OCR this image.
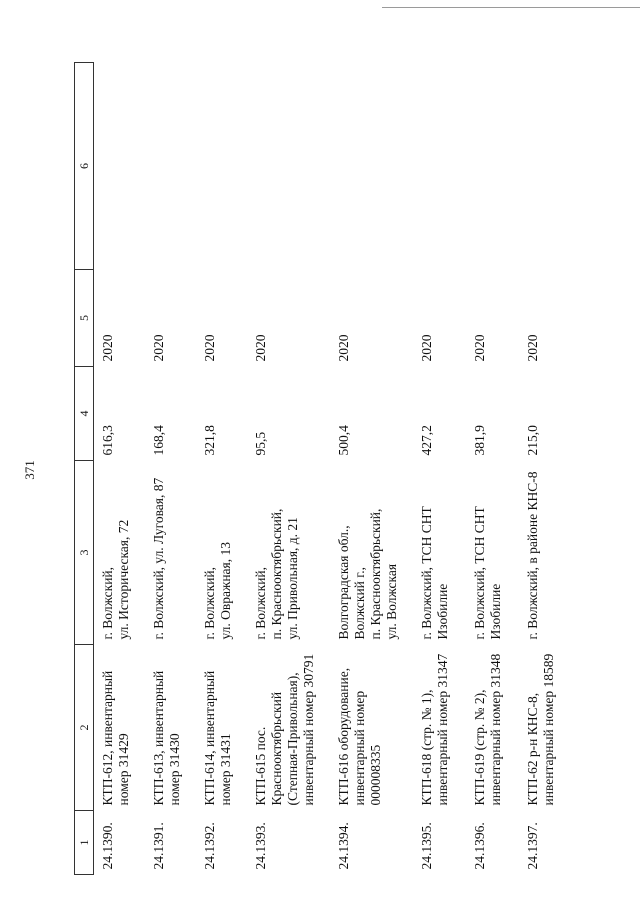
371
1	2	3	4	5	6
24.1390.	КТП-612, инвентарный номер 31429	г. Волжский,
ул. Историческая, 72	616,3	2020	
24.1391.	КТП-613, инвентарный номер 31430	г. Волжский, ул. Луговая, 87	168,4	2020	
24.1392.	КТП-614, инвентарный номер 31431	г. Волжский,
ул. Овражная, 13	321,8	2020	
24.1393.	КТП-615 пос.
Краснооктябрьский
(Степная-Привольная),
инвентарный номер 30791	г. Волжский,
п. Краснооктябрьский,
ул. Привольная, д. 21	95,5	2020	
24.1394.	КТП-616 оборудование,
инвентарный номер
000008335	Волгоградская обл.,
Волжский г.,
п. Краснооктябрьский,
ул. Волжская	500,4	2020	
24.1395.	КТП-618 (стр. № 1),
инвентарный номер 31347	г. Волжский, ТСН СНТ
Изобилие	427,2	2020	
24.1396.	КТП-619 (стр. № 2),
инвентарный номер 31348	г. Волжский, ТСН СНТ
Изобилие	381,9	2020	
24.1397.	КТП-62 р-н КНС-8,
инвентарный номер 18589	г. Волжский, в районе КНС-8	215,0	2020	
